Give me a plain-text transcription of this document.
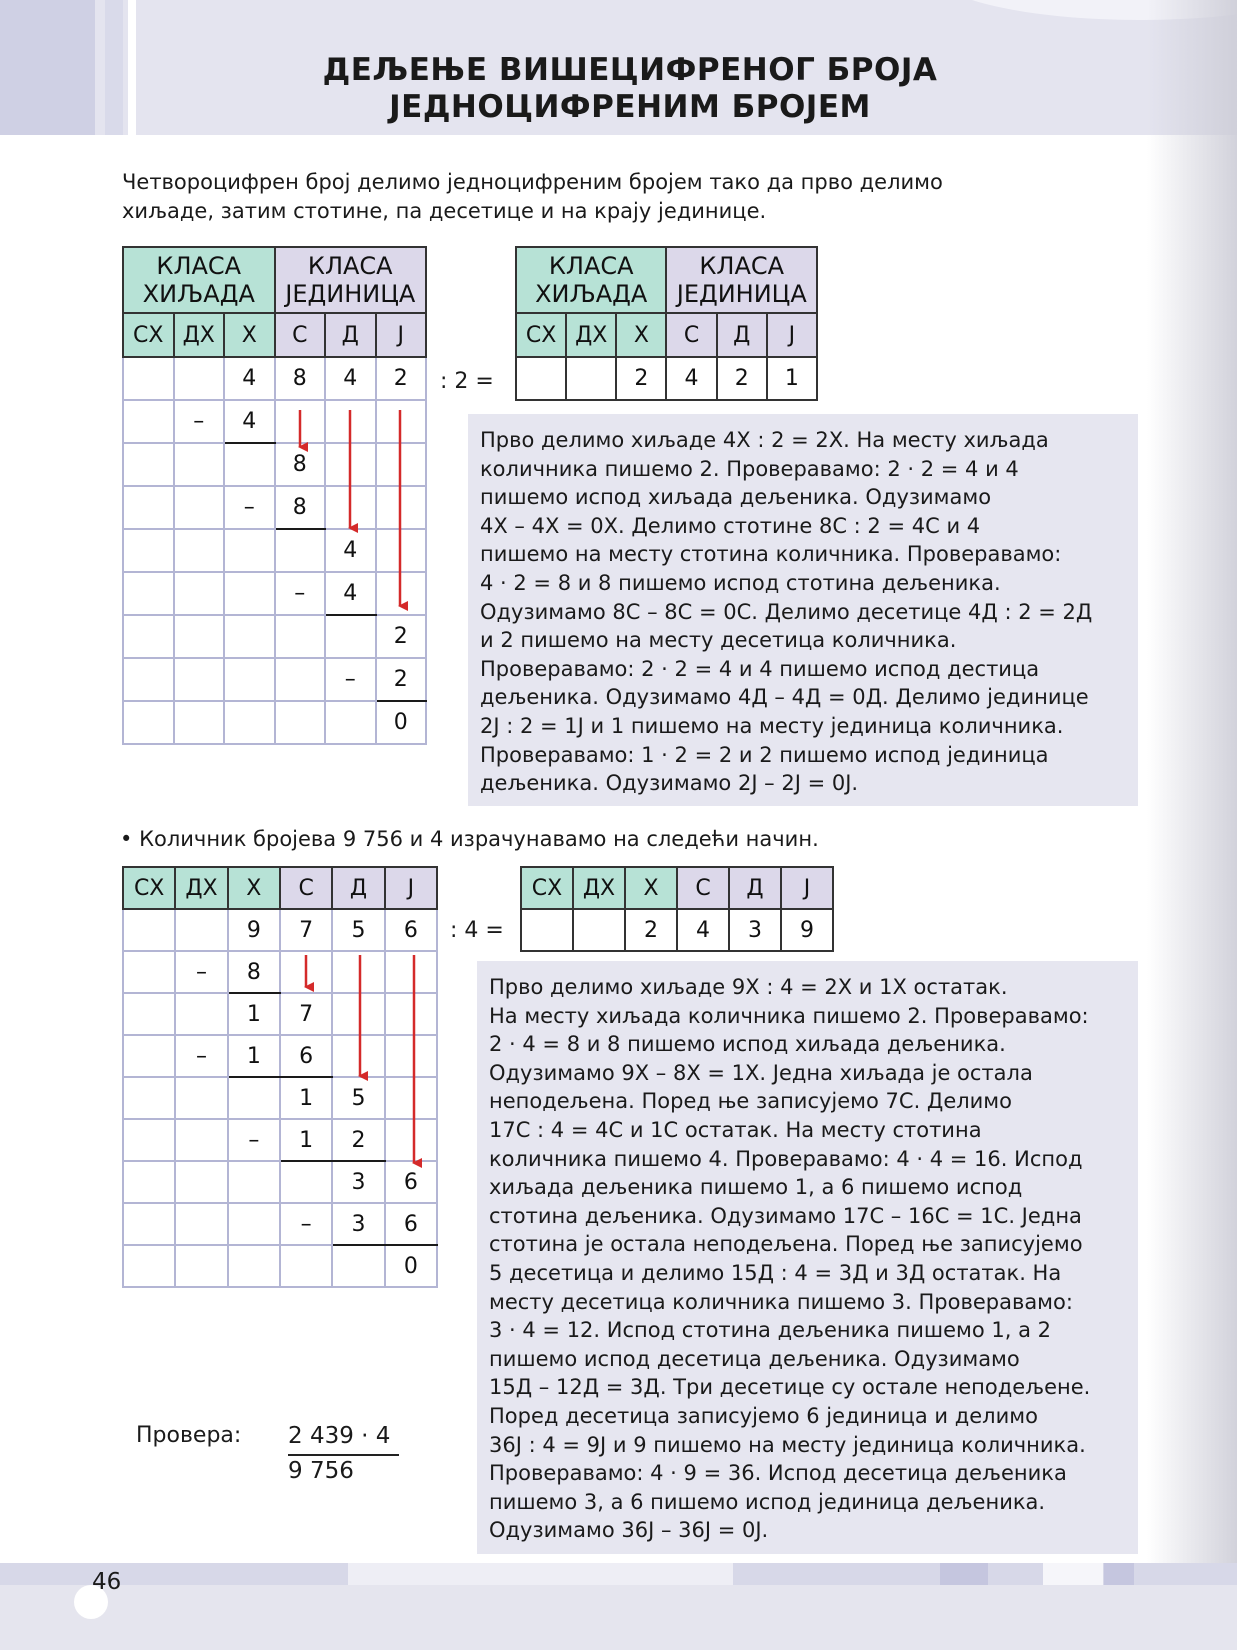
ДЕЉЕЊЕ ВИШЕЦИФРЕНОГ БРОЈА
ЈЕДНОЦИФРЕНИМ БРОЈЕМ
Четвороцифрен број делимо једноцифреним бројем тако да прво делимо
хиљаде, затим стотине, па десетице и на крају јединице.
КЛАСА
ХИЉАДА			КЛАСА
ЈЕДИНИЦА		
СХ	ДХ	Х	С	Д	Ј
		4	8	4	2
	–	4			
			8		
		–	8		
				4	
			–	4	
					2
				–	2
					0
: 2 =
КЛАСА
ХИЉАДА			КЛАСА
ЈЕДИНИЦА		
СХ	ДХ	Х	С	Д	Ј
		2	4	2	1
Прво делимо хиљаде 4Х : 2 = 2Х. На месту хиљада
количника пишемо 2. Проверавамо: 2 · 2 = 4 и 4
пишемо испод хиљада дељеника. Одузимамо
4Х – 4Х = 0Х. Делимо стотине 8С : 2 = 4С и 4
пишемо на месту стотина количника. Проверавамо:
4 · 2 = 8 и 8 пишемо испод стотина дељеника.
Одузимамо 8С – 8С = 0С. Делимо десетице 4Д : 2 = 2Д
и 2 пишемо на месту десетица количника.
Проверавамо: 2 · 2 = 4 и 4 пишемо испод дестица
дељеника. Одузимамо 4Д – 4Д = 0Д. Делимо јединице
2Ј : 2 = 1Ј и 1 пишемо на месту јединица количника.
Проверавамо: 1 · 2 = 2 и 2 пишемо испод јединица
дељеника. Одузимамо 2Ј – 2Ј = 0Ј.
• Количник бројева 9 756 и 4 израчунавамо на следећи начин.
СХ	ДХ	Х	С	Д	Ј
		9	7	5	6
	–	8			
		1	7		
	–	1	6		
			1	5	
		–	1	2	
				3	6
			–	3	6
					0
: 4 =
СХ	ДХ	Х	С	Д	Ј
		2	4	3	9
Прво делимо хиљаде 9Х : 4 = 2Х и 1Х остатак.
На месту хиљада количника пишемо 2. Проверавамо:
2 · 4 = 8 и 8 пишемо испод хиљада дељеника.
Одузимамо 9Х – 8Х = 1Х. Једна хиљада је остала
неподељена. Поред ње записујемо 7С. Делимо
17С : 4 = 4С и 1С остатак. На месту стотина
количника пишемо 4. Проверавамо: 4 · 4 = 16. Испод
хиљада дељеника пишемо 1, а 6 пишемо испод
стотина дељеника. Одузимамо 17С – 16С = 1С. Једна
стотина је остала неподељена. Поред ње записујемо
5 десетица и делимо 15Д : 4 = 3Д и 3Д остатак. На
месту десетица количника пишемо 3. Проверавамо:
3 · 4 = 12. Испод стотина дељеника пишемо 1, а 2
пишемо испод десетица дељеника. Одузимамо
15Д – 12Д = 3Д. Три десетице су остале неподељене.
Поред десетица записујемо 6 јединица и делимо
36Ј : 4 = 9Ј и 9 пишемо на месту јединица количника.
Проверавамо: 4 · 9 = 36. Испод десетица дељеника
пишемо 3, а 6 пишемо испод јединица дељеника.
Одузимамо 36Ј – 36Ј = 0Ј.
Провера: 2 439 · 4
9 756
46
